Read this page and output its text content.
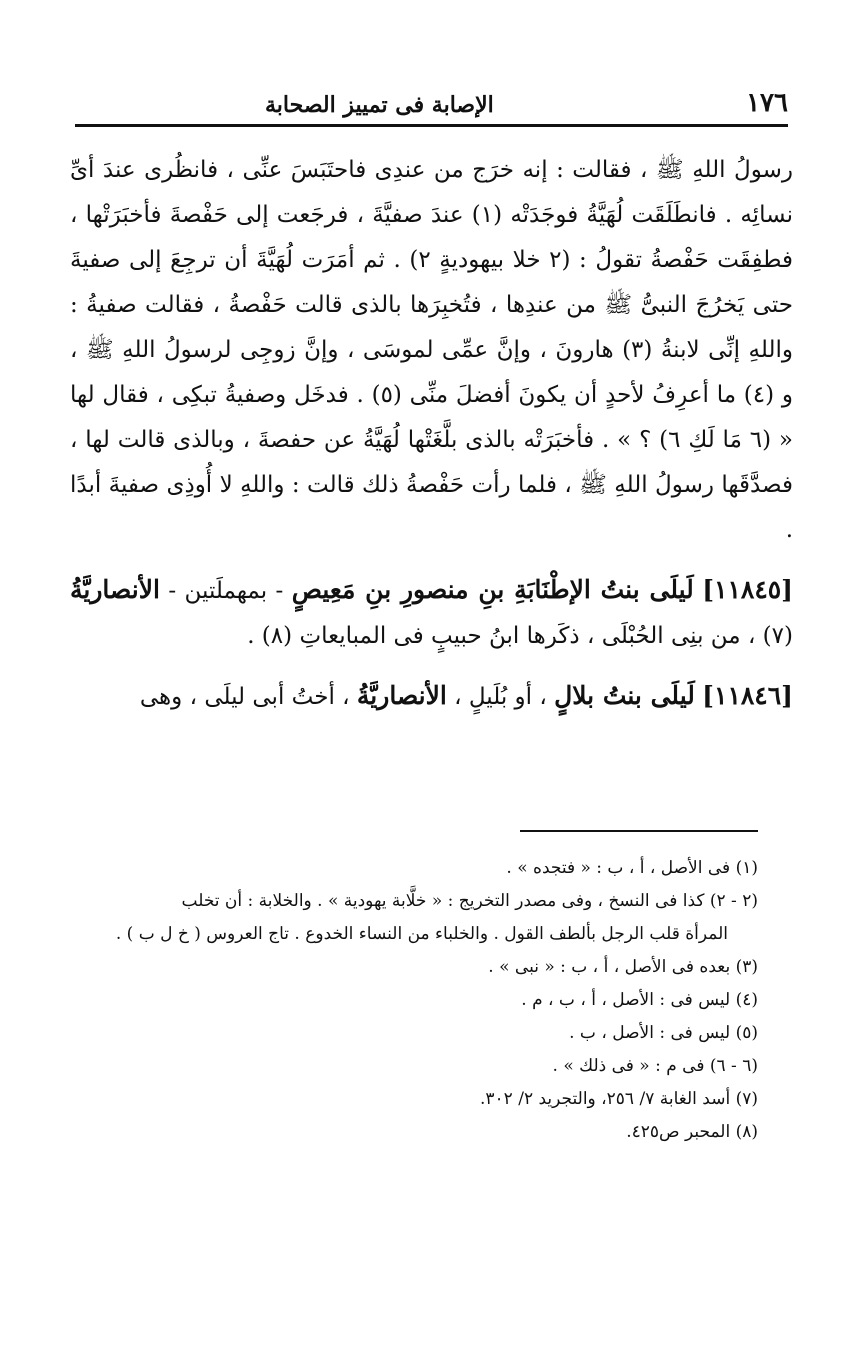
١٧٦
الإصابة فى تمييز الصحابة

رسولُ اللهِ ﷺ ، فقالت : إنه خرَج من عندِى فاحتَبَسَ عنِّى ، فانظُرى عندَ أىِّ نسائِه . فانطَلَقَت لُهَيَّةُ فوجَدَتْه (١) عندَ صفيَّةَ ، فرجَعت إلى حَفْصةَ فأخبَرَتْها ، فطفِقَت حَفْصةُ تقولُ : (٢ خلا بيهوديةٍ ٢) . ثم أمَرَت لُهَيَّةَ أن ترجِعَ إلى صفيةَ حتى يَخرُجَ النبىُّ ﷺ من عندِها ، فتُخبِرَها بالذى قالت حَفْصةُ ، فقالت صفيةُ : واللهِ إنِّى لابنةُ (٣) هارونَ ، وإنَّ عمِّى لموسَى ، وإنَّ زوجِى لرسولُ اللهِ ﷺ ، و (٤) ما أعرِفُ لأحدٍ أن يكونَ أفضلَ منِّى (٥) . فدخَل وصفيةُ تبكِى ، فقال لها « (٦ مَا لَكِ ٦) ؟ » . فأخبَرَتْه بالذى بلَّغَتْها لُهَيَّةُ عن حفصةَ ، وبالذى قالت لها ، فصدَّقَها رسولُ اللهِ ﷺ ، فلما رأت حَفْصةُ ذلك قالت : واللهِ لا أُوذِى صفيةَ أبدًا .

[١١٨٤٥] لَيلَى بنتُ الإطْنَابَةِ بنِ منصورِ بنِ مَعِيصٍ - بمهملَتين - الأنصاريَّةُ (٧) ، من بنِى الحُبْلَى ، ذكَرها ابنُ حبيبٍ فى المبايعاتِ (٨) .

[١١٨٤٦] لَيلَى بنتُ بلالٍ ، أو بُلَيلٍ ، الأنصاريَّةُ ، أختُ أبى ليلَى ، وهى

(١) فى الأصل ، أ ، ب : « فتجده » .

(٢ - ٢) كذا فى النسخ ، وفى مصدر التخريج : « خلَّابة يهودية » . والخلابة : أن تخلب

المرأة قلب الرجل بألطف القول . والخلباء من النساء الخدوع . تاج العروس ( خ ل ب ) .

(٣) بعده فى الأصل ، أ ، ب : « نبى » .

(٤) ليس فى : الأصل ، أ ، ب ، م .

(٥) ليس فى : الأصل ، ب .

(٦ - ٦) فى م : « فى ذلك » .

(٧) أسد الغابة ٧/ ٢٥٦، والتجريد ٢/ ٣٠٢.

(٨) المحبر ص٤٢٥.
